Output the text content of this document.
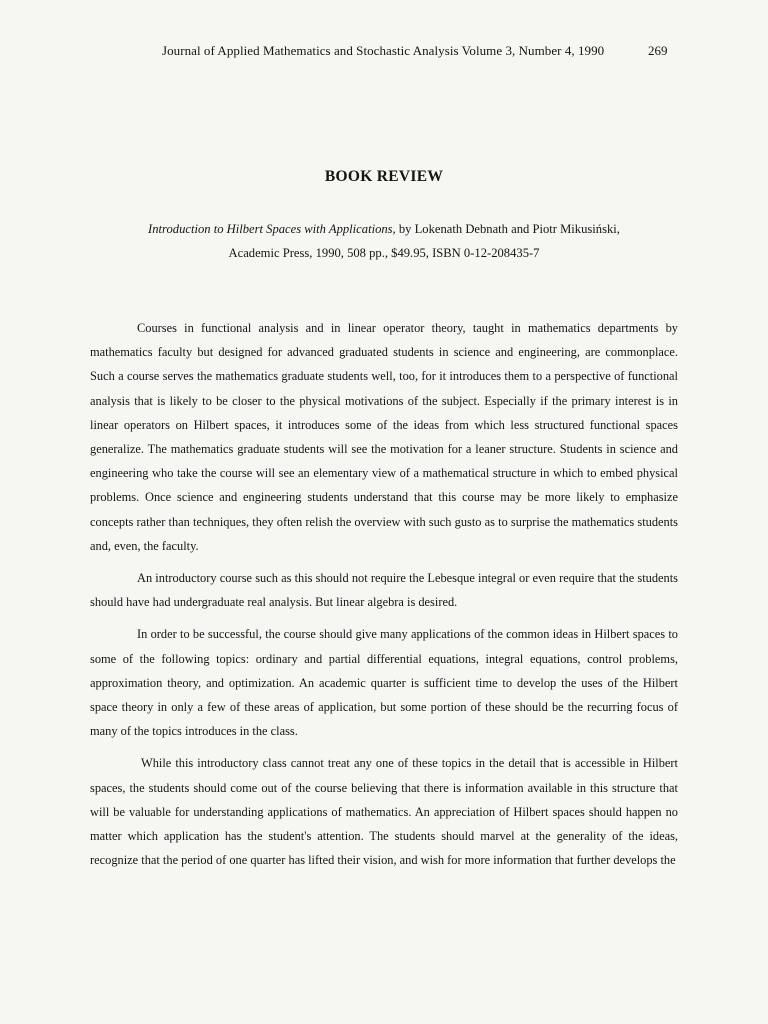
Journal of Applied Mathematics and Stochastic Analysis Volume 3, Number 4, 1990	269
BOOK REVIEW
Introduction to Hilbert Spaces with Applications, by Lokenath Debnath and Piotr Mikusiński,
Academic Press, 1990, 508 pp., $49.95, ISBN 0-12-208435-7

Courses in functional analysis and in linear operator theory, taught in mathematics departments by mathematics faculty but designed for advanced graduated students in science and engineering, are commonplace. Such a course serves the mathematics graduate students well, too, for it introduces them to a perspective of functional analysis that is likely to be closer to the physical motivations of the subject. Especially if the primary interest is in linear operators on Hilbert spaces, it introduces some of the ideas from which less structured functional spaces generalize. The mathematics graduate students will see the motivation for a leaner structure. Students in science and engineering who take the course will see an elementary view of a mathematical structure in which to embed physical problems. Once science and engineering students understand that this course may be more likely to emphasize concepts rather than techniques, they often relish the overview with such gusto as to surprise the mathematics students and, even, the faculty.

An introductory course such as this should not require the Lebesque integral or even require that the students should have had undergraduate real analysis. But linear algebra is desired.

In order to be successful, the course should give many applications of the common ideas in Hilbert spaces to some of the following topics: ordinary and partial differential equations, integral equations, control problems, approximation theory, and optimization. An academic quarter is sufficient time to develop the uses of the Hilbert space theory in only a few of these areas of application, but some portion of these should be the recurring focus of many of the topics introduces in the class.

While this introductory class cannot treat any one of these topics in the detail that is accessible in Hilbert spaces, the students should come out of the course believing that there is information available in this structure that will be valuable for understanding applications of mathematics. An appreciation of Hilbert spaces should happen no matter which application has the student's attention. The students should marvel at the generality of the ideas, recognize that the period of one quarter has lifted their vision, and wish for more information that further develops the
